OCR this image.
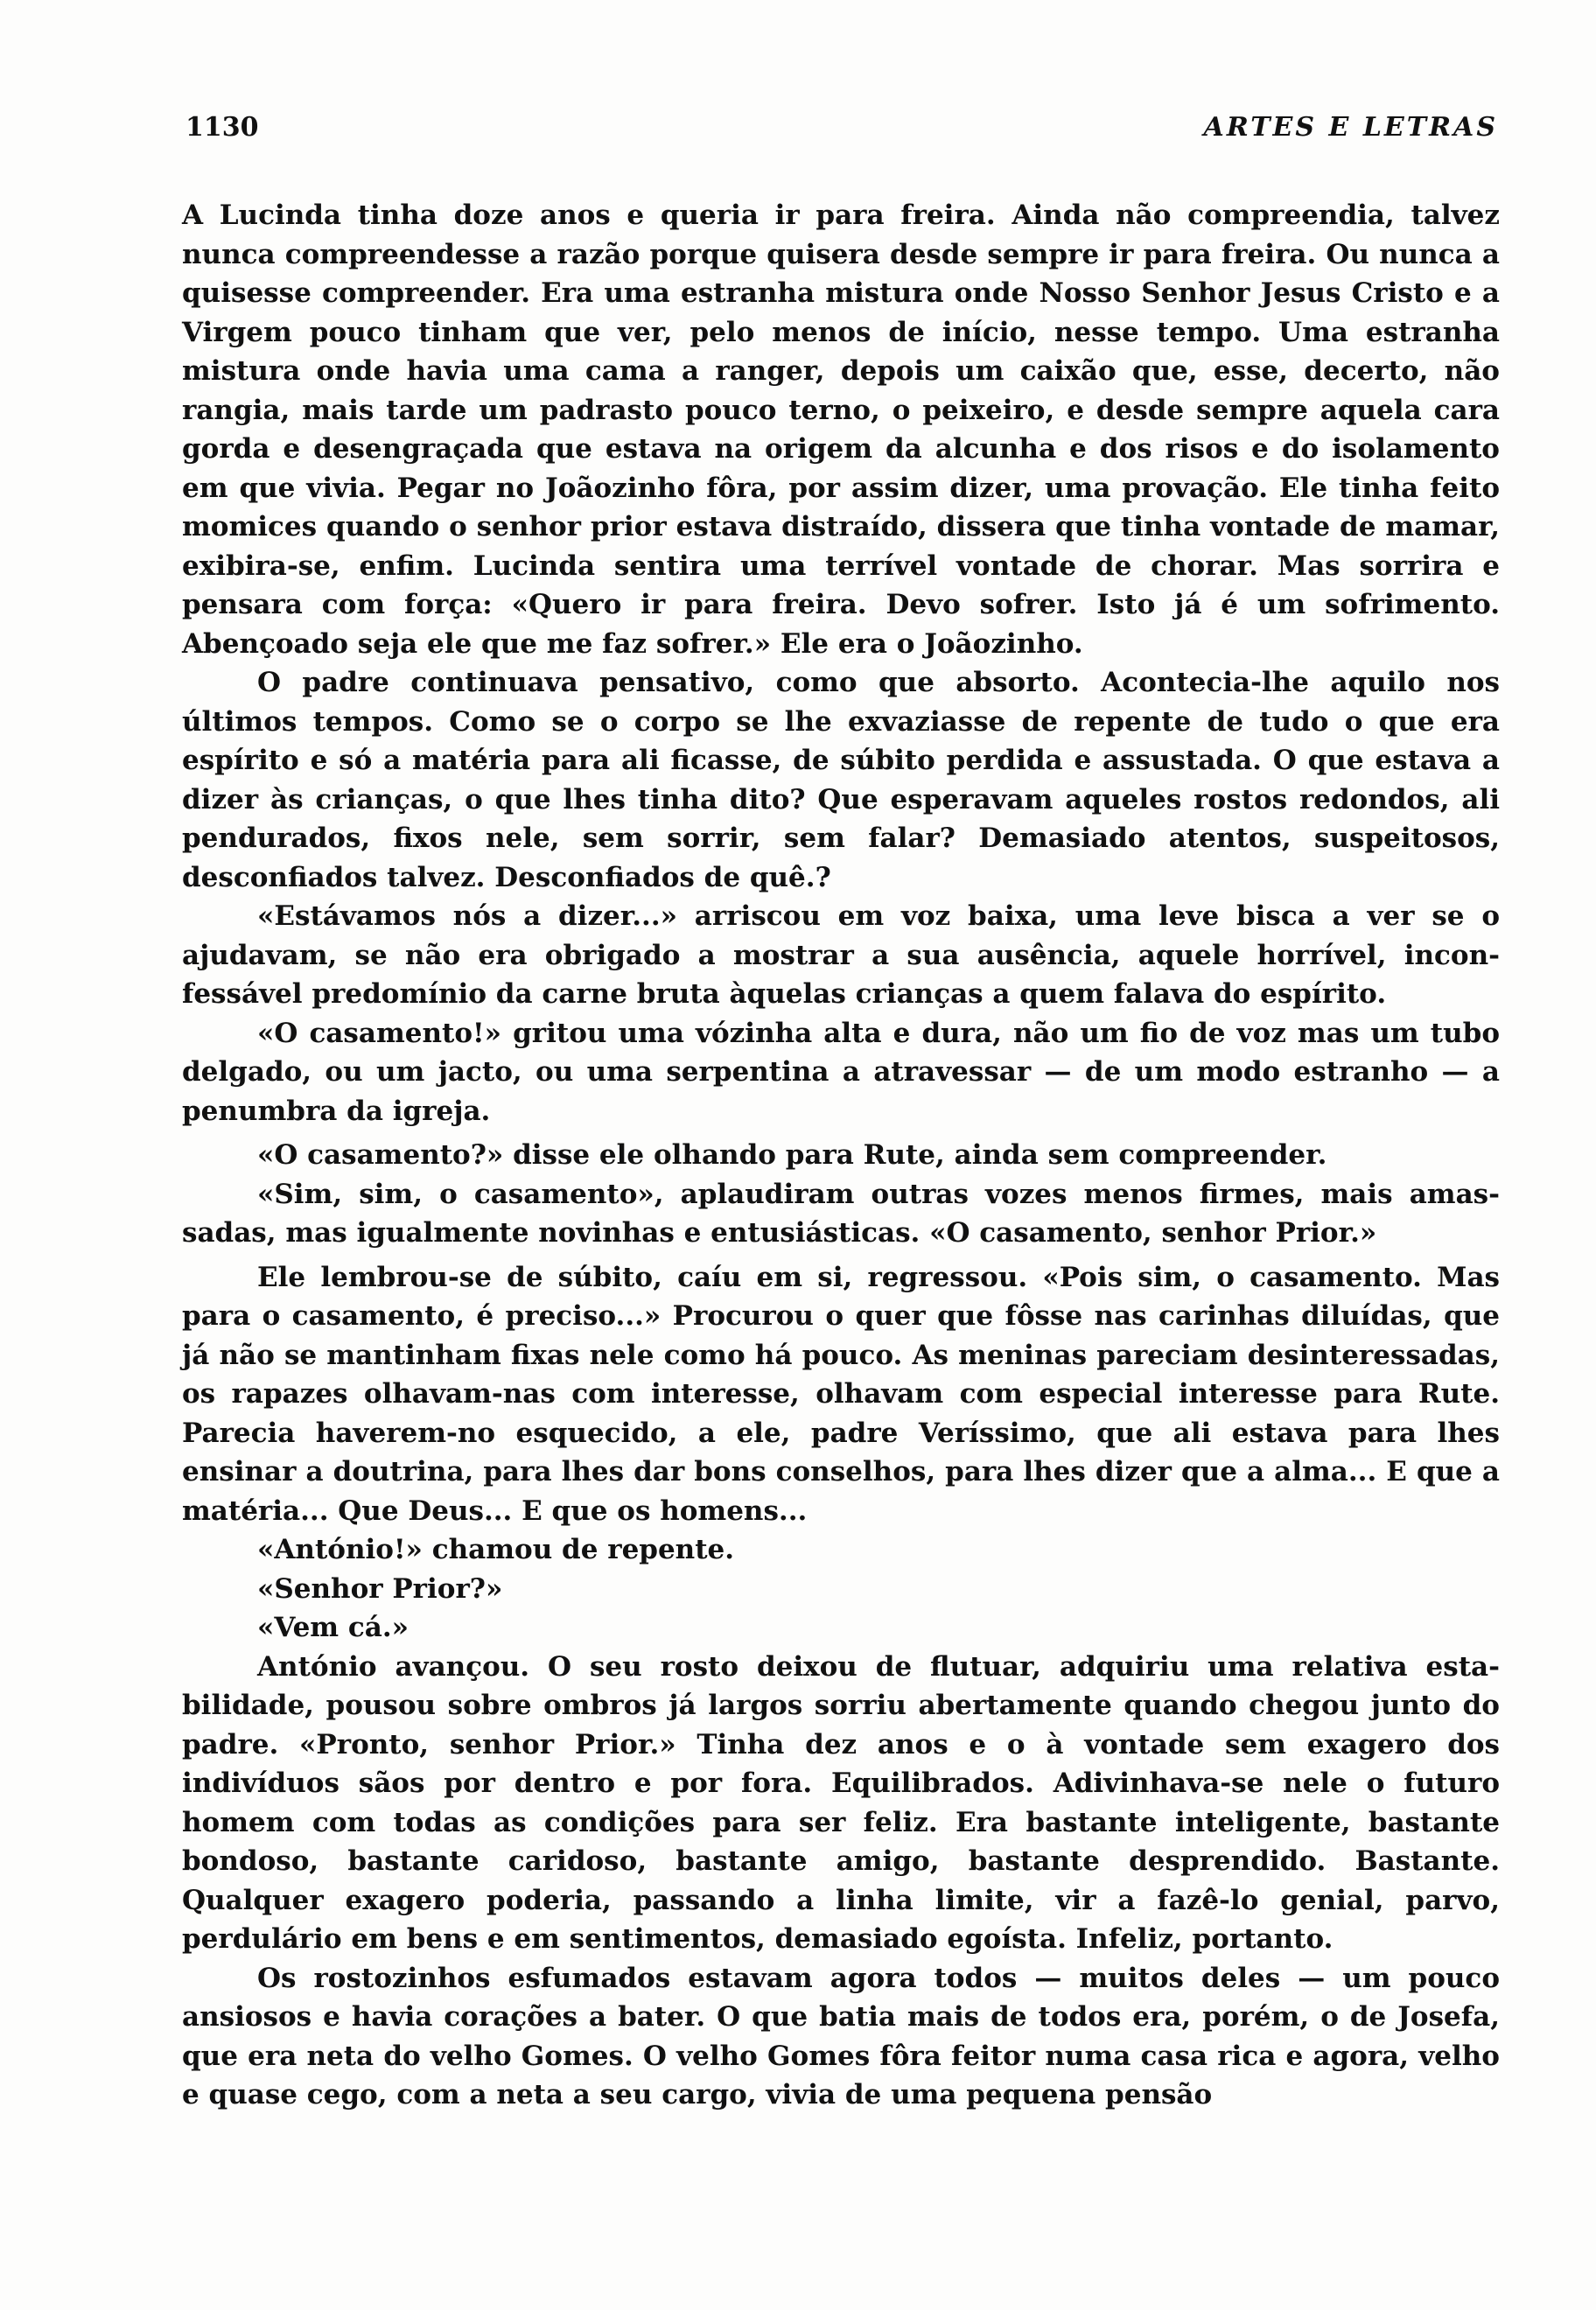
1130	ARTES E LETRAS

A Lucinda tinha doze anos e queria ir para freira. Ainda não compreendia, talvez nunca compreendesse a razão porque quisera desde sempre ir para freira. Ou nunca a quisesse compreender. Era uma estranha mistura onde Nosso Senhor Jesus Cristo e a Virgem pouco tinham que ver, pelo menos de início, nesse tempo. Uma estranha mistura onde havia uma cama a ranger, depois um caixão que, esse, decerto, não rangia, mais tarde um padrasto pouco terno, o peixeiro, e desde sempre aquela cara gorda e desengraçada que estava na origem da alcunha e dos risos e do isolamento em que vivia. Pegar no Joãozinho fôra, por assim dizer, uma provação. Ele tinha feito momices quando o senhor prior estava distraído, dissera que tinha vontade de mamar, exibira-se, enfim. Lucinda sentira uma terrível vontade de chorar. Mas sorrira e pensara com força: «Quero ir para freira. Devo sofrer. Isto já é um sofrimento. Abençoado seja ele que me faz sofrer.» Ele era o Joãozinho.

O padre continuava pensativo, como que absorto. Acontecia-lhe aquilo nos últimos tempos. Como se o corpo se lhe exvaziasse de repente de tudo o que era espírito e só a matéria para ali ficasse, de súbito perdida e assustada. O que estava a dizer às crianças, o que lhes tinha dito? Que esperavam aqueles rostos redondos, ali pendurados, fixos nele, sem sorrir, sem falar? Demasiado atentos, suspeitosos, desconfiados talvez. Desconfiados de quê.?

«Estávamos nós a dizer...» arriscou em voz baixa, uma leve bisca a ver se o ajudavam, se não era obrigado a mostrar a sua ausência, aquele horrível, inconfessável predomínio da carne bruta àquelas crianças a quem falava do espírito.

«O casamento!» gritou uma vózinha alta e dura, não um fio de voz mas um tubo delgado, ou um jacto, ou uma serpentina a atravessar — de um modo estranho — a penumbra da igreja.

«O casamento?» disse ele olhando para Rute, ainda sem compreender.

«Sim, sim, o casamento», aplaudiram outras vozes menos firmes, mais amassadas, mas igualmente novinhas e entusiásticas. «O casamento, senhor Prior.»

Ele lembrou-se de súbito, caíu em si, regressou. «Pois sim, o casamento. Mas para o casamento, é preciso...» Procurou o quer que fôsse nas carinhas diluídas, que já não se mantinham fixas nele como há pouco. As meninas pareciam desinteressadas, os rapazes olhavam-nas com interesse, olhavam com especial interesse para Rute. Parecia haverem-no esquecido, a ele, padre Veríssimo, que ali estava para lhes ensinar a doutrina, para lhes dar bons conselhos, para lhes dizer que a alma... E que a matéria... Que Deus... E que os homens...

«António!» chamou de repente.

«Senhor Prior?»

«Vem cá.»

António avançou. O seu rosto deixou de flutuar, adquiriu uma relativa estabilidade, pousou sobre ombros já largos sorriu abertamente quando chegou junto do padre. «Pronto, senhor Prior.» Tinha dez anos e o à vontade sem exagero dos indivíduos sãos por dentro e por fora. Equilibrados. Adivinhava-se nele o futuro homem com todas as condições para ser feliz. Era bastante inteligente, bastante bondoso, bastante caridoso, bastante amigo, bastante desprendido. Bastante. Qualquer exagero poderia, passando a linha limite, vir a fazê-lo genial, parvo, perdulário em bens e em sentimentos, demasiado egoísta. Infeliz, portanto.

Os rostozinhos esfumados estavam agora todos — muitos deles — um pouco ansiosos e havia corações a bater. O que batia mais de todos era, porém, o de Josefa, que era neta do velho Gomes. O velho Gomes fôra feitor numa casa rica e agora, velho e quase cego, com a neta a seu cargo, vivia de uma pequena pensão
